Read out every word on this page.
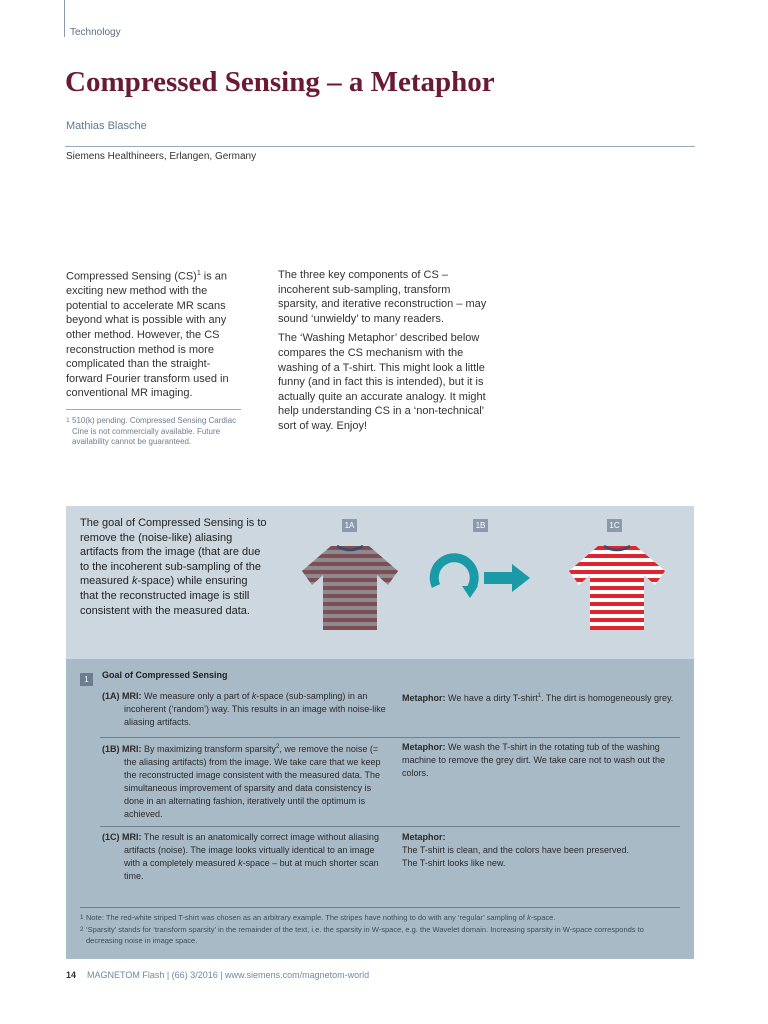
Technology
Compressed Sensing – a Metaphor
Mathias Blasche
Siemens Healthineers, Erlangen, Germany
Compressed Sensing (CS)$^1$ is an exciting new method with the potential to accelerate MR scans beyond what is possible with any other method. However, the CS reconstruction method is more complicated than the straight-forward Fourier transform used in conventional MR imaging.
1 510(k) pending. Compressed Sensing Cardiac Cine is not commercially available. Future availability cannot be guaranteed.

The three key components of CS – incoherent sub-sampling, transform sparsity, and iterative reconstruction – may sound ‘unwieldy’ to many readers.

The ‘Washing Metaphor’ described below compares the CS mechanism with the washing of a T-shirt. This might look a little funny (and in fact this is intended), but it is actually quite an accurate analogy. It might help understanding CS in a ‘non-technical’ sort of way. Enjoy!

The goal of Compressed Sensing is to remove the (noise-like) aliasing artifacts from the image (that are due to the incoherent sub-sampling of the measured k-space) while ensuring that the reconstructed image is still consistent with the measured data.
1A	1B	1C
1	Goal of Compressed Sensing
(1A) MRI: We measure only a part of k-space (sub-sampling) in an incoherent (‘random’) way. This results in an image with noise-like aliasing artifacts.
Metaphor: We have a dirty T-shirt$^1$. The dirt is homogeneously grey.
(1B) MRI: By maximizing transform sparsity$^2$, we remove the noise (= the aliasing artifacts) from the image. We take care that we keep the reconstructed image consistent with the measured data. The simultaneous improvement of sparsity and data consistency is done in an alternating fashion, iteratively until the optimum is achieved.
Metaphor: We wash the T-shirt in the rotating tub of the washing machine to remove the grey dirt. We take care not to wash out the colors.
(1C) MRI: The result is an anatomically correct image without aliasing artifacts (noise). The image looks virtually identical to an image with a completely measured k-space – but at much shorter scan time.
Metaphor:
The T-shirt is clean, and the colors have been preserved.
The T-shirt looks like new.
1 Note: The red-white striped T-shirt was chosen as an arbitrary example. The stripes have nothing to do with any ‘regular’ sampling of k-space.
2 ‘Sparsity’ stands for ‘transform sparsity’ in the remainder of the text, i.e. the sparsity in W-space, e.g. the Wavelet domain. Increasing sparsity in W-space corresponds to decreasing noise in image space.
14 MAGNETOM Flash | (66) 3/2016 | www.siemens.com/magnetom-world
